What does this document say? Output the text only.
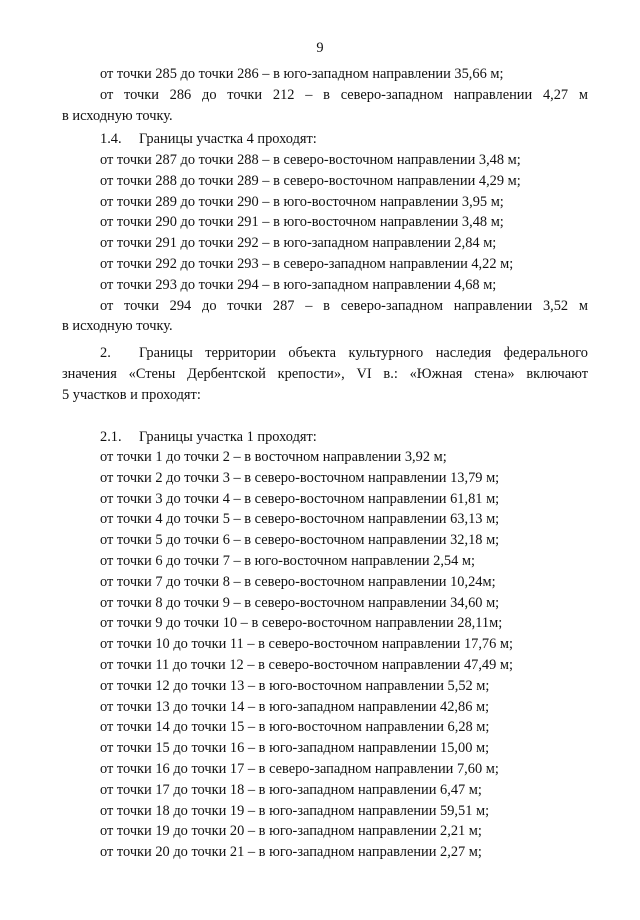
9
от точки 285 до точки 286 – в юго-западном направлении 35,66 м;
от точки 286 до точки 212 – в северо-западном направлении 4,27 м
в исходную точку.
1.4. Границы участка 4 проходят:
от точки 287 до точки 288 – в северо-восточном направлении 3,48 м;
от точки 288 до точки 289 – в северо-восточном направлении 4,29 м;
от точки 289 до точки 290 – в юго-восточном направлении 3,95 м;
от точки 290 до точки 291 – в юго-восточном направлении 3,48 м;
от точки 291 до точки 292 – в юго-западном направлении 2,84 м;
от точки 292 до точки 293 – в северо-западном направлении 4,22 м;
от точки 293 до точки 294 – в юго-западном направлении 4,68 м;
от точки 294 до точки 287 – в северо-западном направлении 3,52 м
в исходную точку.
2. Границы территории объекта культурного наследия федерального
значения «Стены Дербентской крепости», VI в.: «Южная стена» включают
5 участков и проходят:
2.1. Границы участка 1 проходят:
от точки 1 до точки 2 – в восточном направлении 3,92 м;
от точки 2 до точки 3 – в северо-восточном направлении 13,79 м;
от точки 3 до точки 4 – в северо-восточном направлении 61,81 м;
от точки 4 до точки 5 – в северо-восточном направлении 63,13 м;
от точки 5 до точки 6 – в северо-восточном направлении 32,18 м;
от точки 6 до точки 7 – в юго-восточном направлении 2,54 м;
от точки 7 до точки 8 – в северо-восточном направлении 10,24м;
от точки 8 до точки 9 – в северо-восточном направлении 34,60 м;
от точки 9 до точки 10 – в северо-восточном направлении 28,11м;
от точки 10 до точки 11 – в северо-восточном направлении 17,76 м;
от точки 11 до точки 12 – в северо-восточном направлении 47,49 м;
от точки 12 до точки 13 – в юго-восточном направлении 5,52 м;
от точки 13 до точки 14 – в юго-западном направлении 42,86 м;
от точки 14 до точки 15 – в юго-восточном направлении 6,28 м;
от точки 15 до точки 16 – в юго-западном направлении 15,00 м;
от точки 16 до точки 17 – в северо-западном направлении 7,60 м;
от точки 17 до точки 18 – в юго-западном направлении 6,47 м;
от точки 18 до точки 19 – в юго-западном направлении 59,51 м;
от точки 19 до точки 20 – в юго-западном направлении 2,21 м;
от точки 20 до точки 21 – в юго-западном направлении 2,27 м;
